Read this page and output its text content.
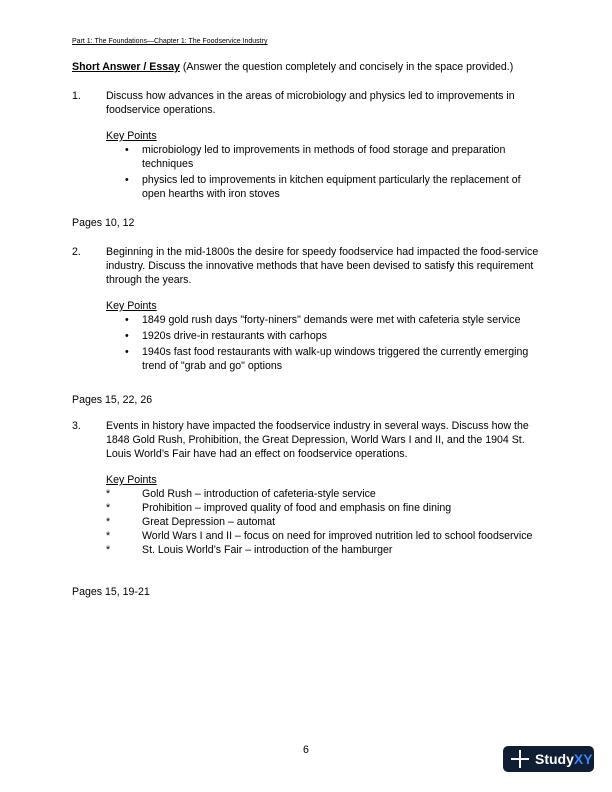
Part 1: The Foundations—Chapter 1: The Foodservice Industry
Short Answer / Essay (Answer the question completely and concisely in the space provided.)
1. Discuss how advances in the areas of microbiology and physics led to improvements in foodservice operations.
Key Points
• microbiology led to improvements in methods of food storage and preparation techniques
• physics led to improvements in kitchen equipment particularly the replacement of open hearths with iron stoves
Pages 10, 12
2. Beginning in the mid-1800s the desire for speedy foodservice had impacted the food-service industry. Discuss the innovative methods that have been devised to satisfy this requirement through the years.
Key Points
• 1849 gold rush days "forty-niners" demands were met with cafeteria style service
• 1920s drive-in restaurants with carhops
• 1940s fast food restaurants with walk-up windows triggered the currently emerging trend of "grab and go" options
Pages 15, 22, 26
3. Events in history have impacted the foodservice industry in several ways. Discuss how the 1848 Gold Rush, Prohibition, the Great Depression, World Wars I and II, and the 1904 St. Louis World’s Fair have had an effect on foodservice operations.
Key Points
*	Gold Rush – introduction of cafeteria-style service
*	Prohibition – improved quality of food and emphasis on fine dining
*	Great Depression – automat
*	World Wars I and II – focus on need for improved nutrition led to school foodservice
*	St. Louis World’s Fair – introduction of the hamburger
Pages 15, 19-21
6
Study XY
